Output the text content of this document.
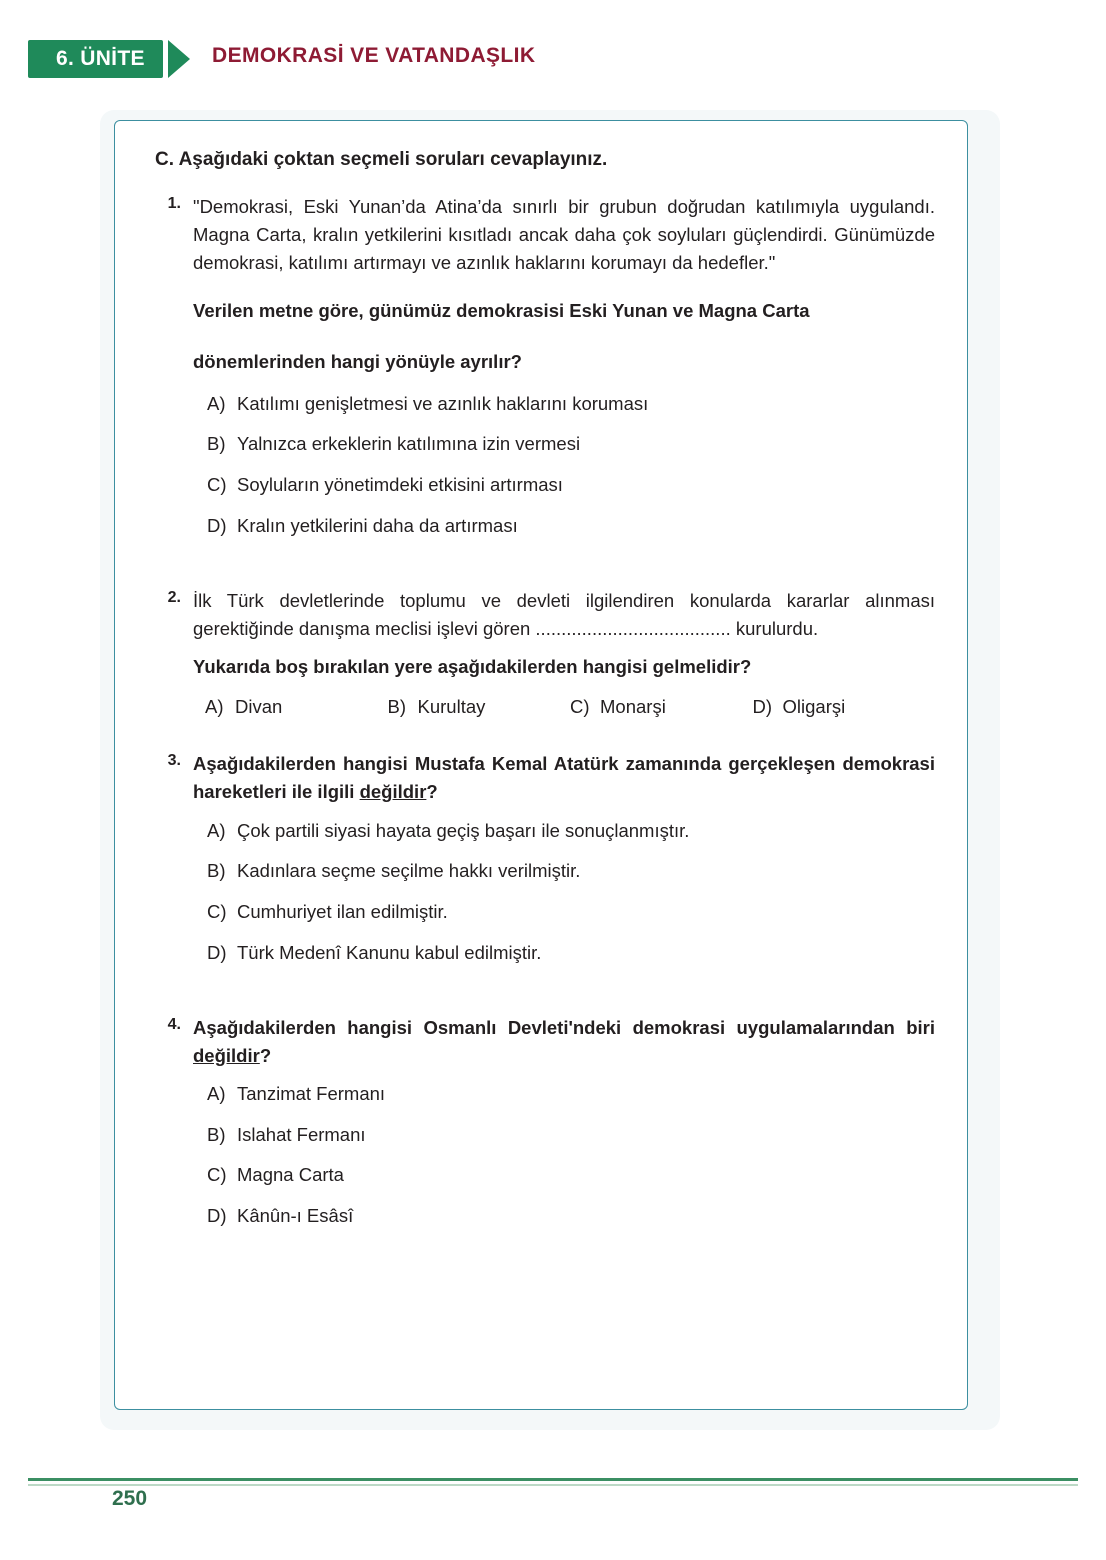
6. ÜNİTE	DEMOKRASİ VE VATANDAŞLIK
C. Aşağıdaki çoktan seçmeli soruları cevaplayınız.
1. "Demokrasi, Eski Yunan’da Atina’da sınırlı bir grubun doğrudan katılımıyla uygulandı. Magna Carta, kralın yetkilerini kısıtladı ancak daha çok soyluları güçlendirdi. Günümüzde demokrasi, katılımı artırmayı ve azınlık haklarını korumayı da hedefler."

Verilen metne göre, günümüz demokrasisi Eski Yunan ve Magna Carta
dönemlerinden hangi yönüyle ayrılır?
A) Katılımı genişletmesi ve azınlık haklarını koruması
B) Yalnızca erkeklerin katılımına izin vermesi
C) Soyluların yönetimdeki etkisini artırması
D) Kralın yetkilerini daha da artırması
2. İlk Türk devletlerinde toplumu ve devleti ilgilendiren konularda kararlar alınması gerektiğinde danışma meclisi işlevi gören ...................................... kurulurdu.

Yukarıda boş bırakılan yere aşağıdakilerden hangisi gelmelidir?
A) Divan	B) Kurultay	C) Monarşi	D) Oligarşi
3. Aşağıdakilerden hangisi Mustafa Kemal Atatürk zamanında gerçekleşen demokrasi hareketleri ile ilgili değildir?

A) Çok partili siyasi hayata geçiş başarı ile sonuçlanmıştır.
B) Kadınlara seçme seçilme hakkı verilmiştir.
C) Cumhuriyet ilan edilmiştir.
D) Türk Medenî Kanunu kabul edilmiştir.
4. Aşağıdakilerden hangisi Osmanlı Devleti'ndeki demokrasi uygulamalarından biri değildir?

A) Tanzimat Fermanı
B) Islahat Fermanı
C) Magna Carta
D) Kânûn-ı Esâsî
250
